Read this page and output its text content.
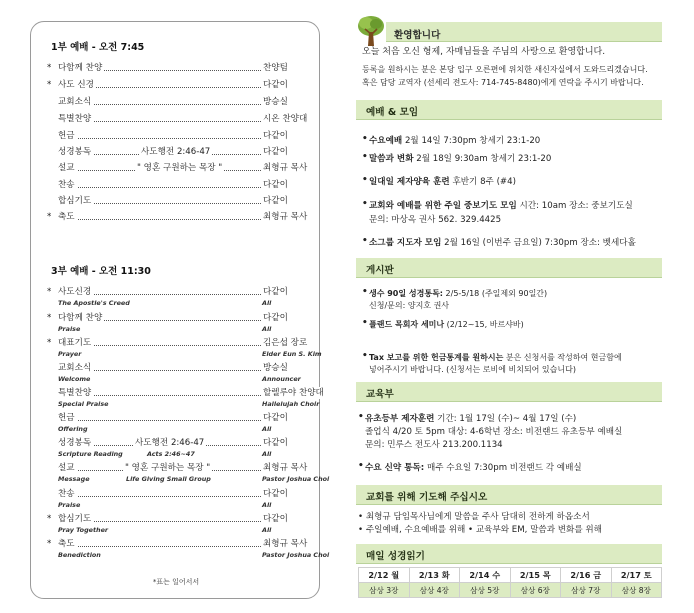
1부 예배 - 오전 7:45
* 다함께 찬양	찬양팀
* 사도 신경	다같이
교회소식	방승실
특별찬양	시온 찬양대
헌금	다같이
성경봉독	사도행전 2:46-47	다같이
설교	" 영혼 구원하는 목장 "	최형규 목사
찬송	다같이
합심기도	다같이
* 축도	최형규 목사
3부 예배 - 오전 11:30
* 사도신경	다같이
The Apostle's Creed	All
* 다함께 찬양	다같이
Praise	All
* 대표기도	김은섭 장로
Prayer	Elder Eun S. Kim
교회소식	방승실
Welcome	Announcer
특별찬양	할렐루야 찬양대
Special Praise	Hallelujah Choir
헌금	다같이
Offering	All
성경봉독	사도행전 2:46-47	다같이
Scripture Reading	Acts 2:46~47	All
설교	" 영혼 구원하는 목장 "	최형규 목사
Message	Life Giving Small Group	Pastor Joshua Choi
찬송	다같이
Praise	All
* 합심기도	다같이
Pray Together	All
* 축도	최형규 목사
Benediction	Pastor Joshua Choi
*표는 일어서서
환영합니다
오늘 처음 오신 형제, 자매님들을 주님의 사랑으로 환영합니다.
등록을 원하시는 분은 본당 입구 오른편에 위치한 새신자실에서 도와드리겠습니다.
혹은 담당 교역자 (선세리 전도사: 714-745-8480)에게 연락을 주시기 바랍니다.
예배 & 모임
• 수요예배 2월 14일 7:30pm 창세기 23:1-20
• 말씀과 변화 2월 18일 9:30am 창세기 23:1-20
• 일대일 제자양육 훈련 후반기 8주 (#4)
• 교회와 예배를 위한 주일 중보기도 모임 시간: 10am 장소: 중보기도실
문의: 마상옥 권사 562. 329.4425
• 소그룹 지도자 모임 2월 16일 (이번주 금요일) 7:30pm 장소: 벳세다홀
게시판
• 생수 90일 성경통독: 2/5-5/18 (주일제외 90일간)
신청/문의: 양지호 권사
• 플랜드 목회자 세미나 (2/12~15, 바르샤바)
• Tax 보고를 위한 헌금통계를 원하시는 분은 신청서를 작성하여 현금함에
넣어주시기 바랍니다. (신청서는 로비에 비치되어 있습니다)
교육부
• 유초등부 제자훈련 기간: 1월 17일 (수)~ 4월 17일 (수)
졸업식 4/20 토 5pm 대상: 4-6학년 장소: 비전랜드 유초등부 예배실
문의: 민루스 전도사 213.200.1134
• 수요 신약 통독: 매주 수요일 7:30pm 비전랜드 각 예배실
교회를 위해 기도해 주십시오
• 최형규 담임목사님에게 말씀을 주사 담대히 전하게 하옵소서
• 주일예배, 수요예배를 위해 • 교육부와 EM, 말씀과 변화를 위해
매일 성경읽기
2/12 월	2/13 화	2/14 수	2/15 목	2/16 금	2/17 토
삼상 3장	삼상 4장	삼상 5장	삼상 6장	삼상 7장	삼상 8장
